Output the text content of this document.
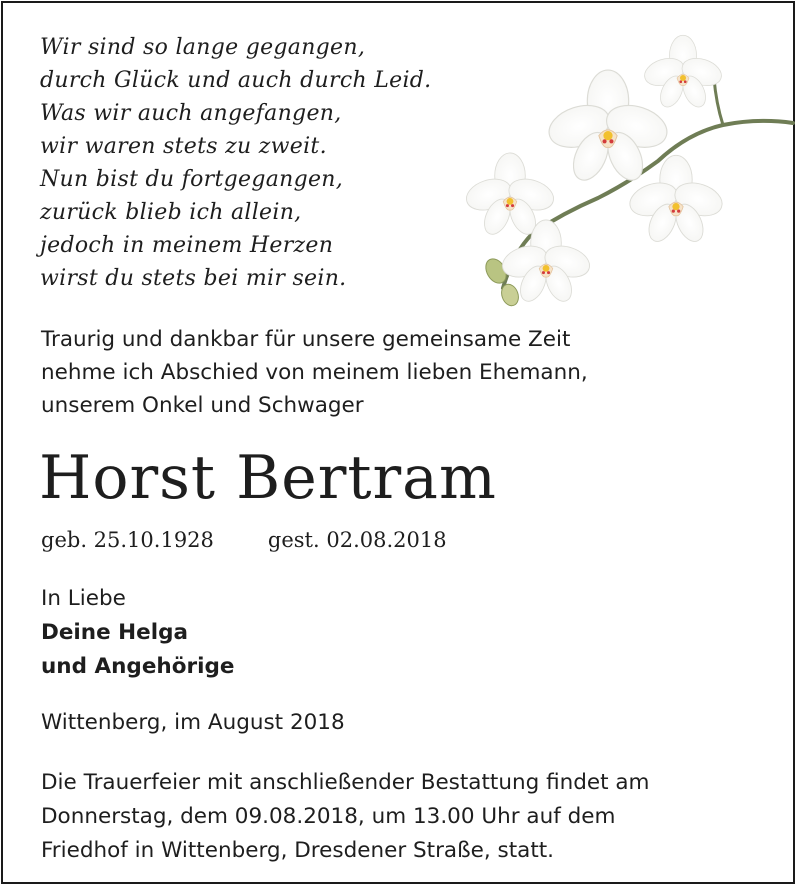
Wir sind so lange gegangen,
durch Glück und auch durch Leid.
Was wir auch angefangen,
wir waren stets zu zweit.
Nun bist du fortgegangen,
zurück blieb ich allein,
jedoch in meinem Herzen
wirst du stets bei mir sein.
Traurig und dankbar für unsere gemeinsame Zeit
nehme ich Abschied von meinem lieben Ehemann,
unserem Onkel und Schwager
Horst Bertram
geb. 25.10.1928	gest. 02.08.2018
In Liebe
Deine Helga
und Angehörige
Wittenberg, im August 2018
Die Trauerfeier mit anschließender Bestattung findet am
Donnerstag, dem 09.08.2018, um 13.00 Uhr auf dem
Friedhof in Wittenberg, Dresdener Straße, statt.
